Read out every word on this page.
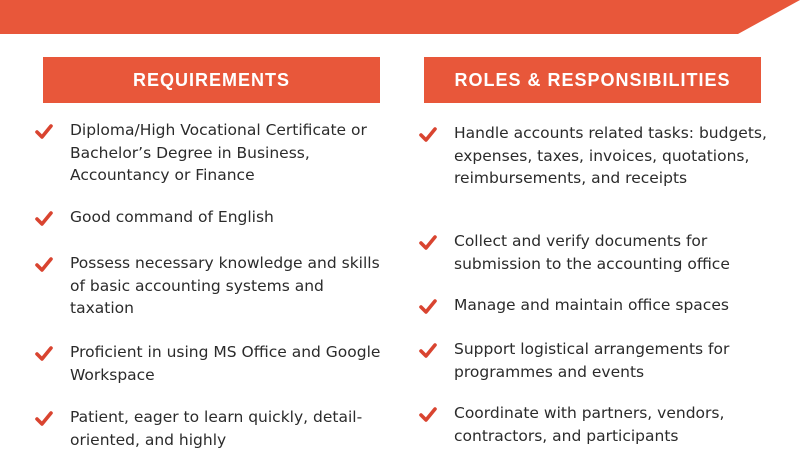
REQUIREMENTS	ROLES & RESPONSIBILITIES
Diploma/High Vocational Certificate or Bachelor’s Degree in Business, Accountancy or Finance
Good command of English
Possess necessary knowledge and skills of basic accounting systems and taxation
Proficient in using MS Office and Google Workspace
Patient, eager to learn quickly, detail-oriented, and highly
Handle accounts related tasks: budgets, expenses, taxes, invoices, quotations, reimbursements, and receipts
Collect and verify documents for submission to the accounting office
Manage and maintain office spaces
Support logistical arrangements for programmes and events
Coordinate with partners, vendors, contractors, and participants
